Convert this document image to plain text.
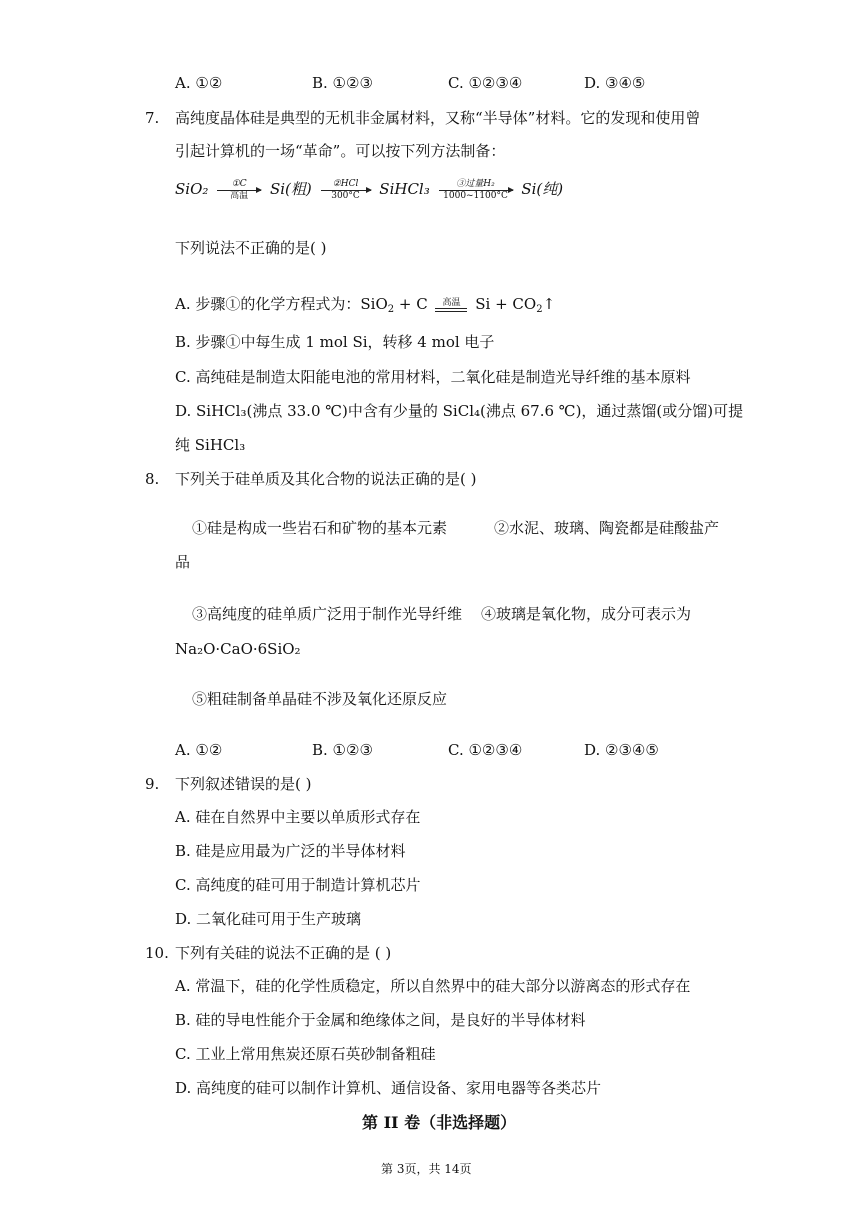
A. ①②	B. ①②③	C. ①②③④	D. ③④⑤
7. 高纯度晶体硅是典型的无机非金属材料，又称“半导体”材料。它的发现和使用曾
引起计算机的一场“革命”。可以按下列方法制备：
SiO₂	①C
高温	Si(粗)	②HCl
300°C	SiHCl₃	③过量H₂
1000~1100°C Si(纯)
下列说法不正确的是( )
A. 步骤①的化学方程式为：SiO$_2$ + C	高温 $Si + CO_2↑$
B. 步骤①中每生成 1 mol Si，转移 4 mol 电子
C. 高纯硅是制造太阳能电池的常用材料，二氧化硅是制造光导纤维的基本原料
D. SiHCl₃(沸点 33.0 ℃)中含有少量的 SiCl₄(沸点 67.6 ℃)，通过蒸馏(或分馏)可提
纯 SiHCl₃
8. 下列关于硅单质及其化合物的说法正确的是( )
①硅是构成一些岩石和矿物的基本元素	②水泥、玻璃、陶瓷都是硅酸盐产
品
③高纯度的硅单质广泛用于制作光导纤维 ④玻璃是氧化物，成分可表示为
Na₂O·CaO·6SiO₂
⑤粗硅制备单晶硅不涉及氧化还原反应
A. ①②	B. ①②③	C. ①②③④	D. ②③④⑤
9. 下列叙述错误的是( )
A. 硅在自然界中主要以单质形式存在
B. 硅是应用最为广泛的半导体材料
C. 高纯度的硅可用于制造计算机芯片
D. 二氧化硅可用于生产玻璃
10. 下列有关硅的说法不正确的是 ( )
A. 常温下，硅的化学性质稳定，所以自然界中的硅大部分以游离态的形式存在
B. 硅的导电性能介于金属和绝缘体之间，是良好的半导体材料
C. 工业上常用焦炭还原石英砂制备粗硅
D. 高纯度的硅可以制作计算机、通信设备、家用电器等各类芯片
第 II 卷（非选择题）
第 3页，共 14页
